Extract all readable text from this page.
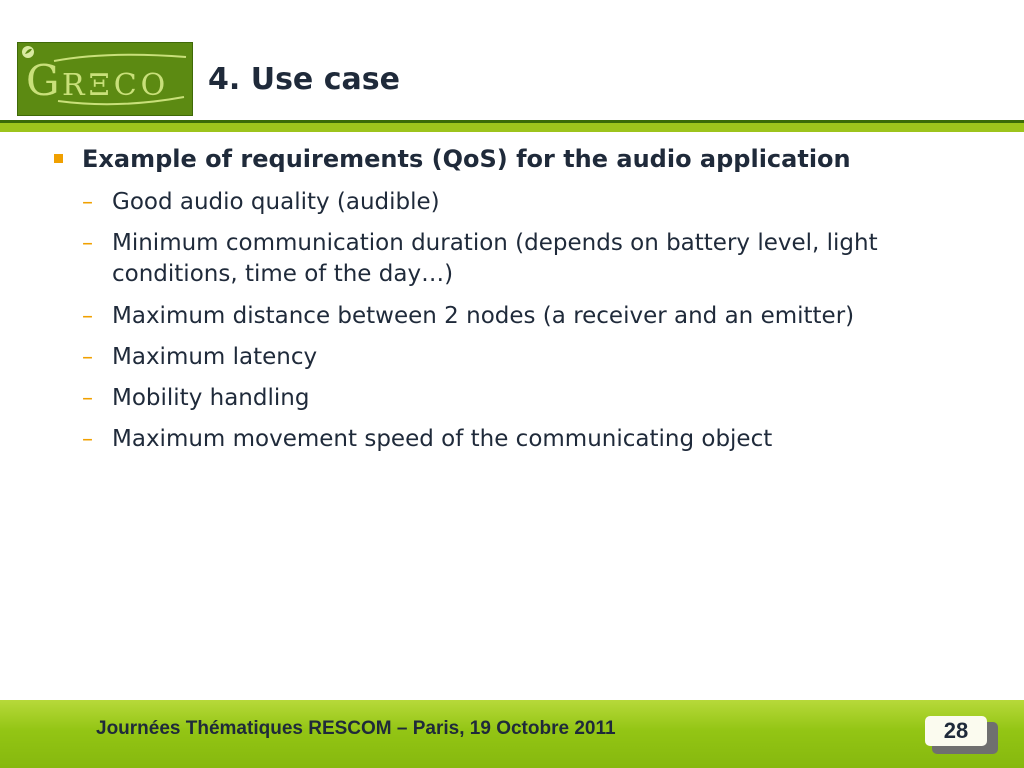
G RΞCO 4. Use case
Example of requirements (QoS) for the audio application
– Good audio quality (audible)
– Minimum communication duration (depends on battery level, light conditions, time of the day…)
– Maximum distance between 2 nodes (a receiver and an emitter)
– Maximum latency
– Mobility handling
– Maximum movement speed of the communicating object
Journées Thématiques RESCOM – Paris, 19 Octobre 2011	28
